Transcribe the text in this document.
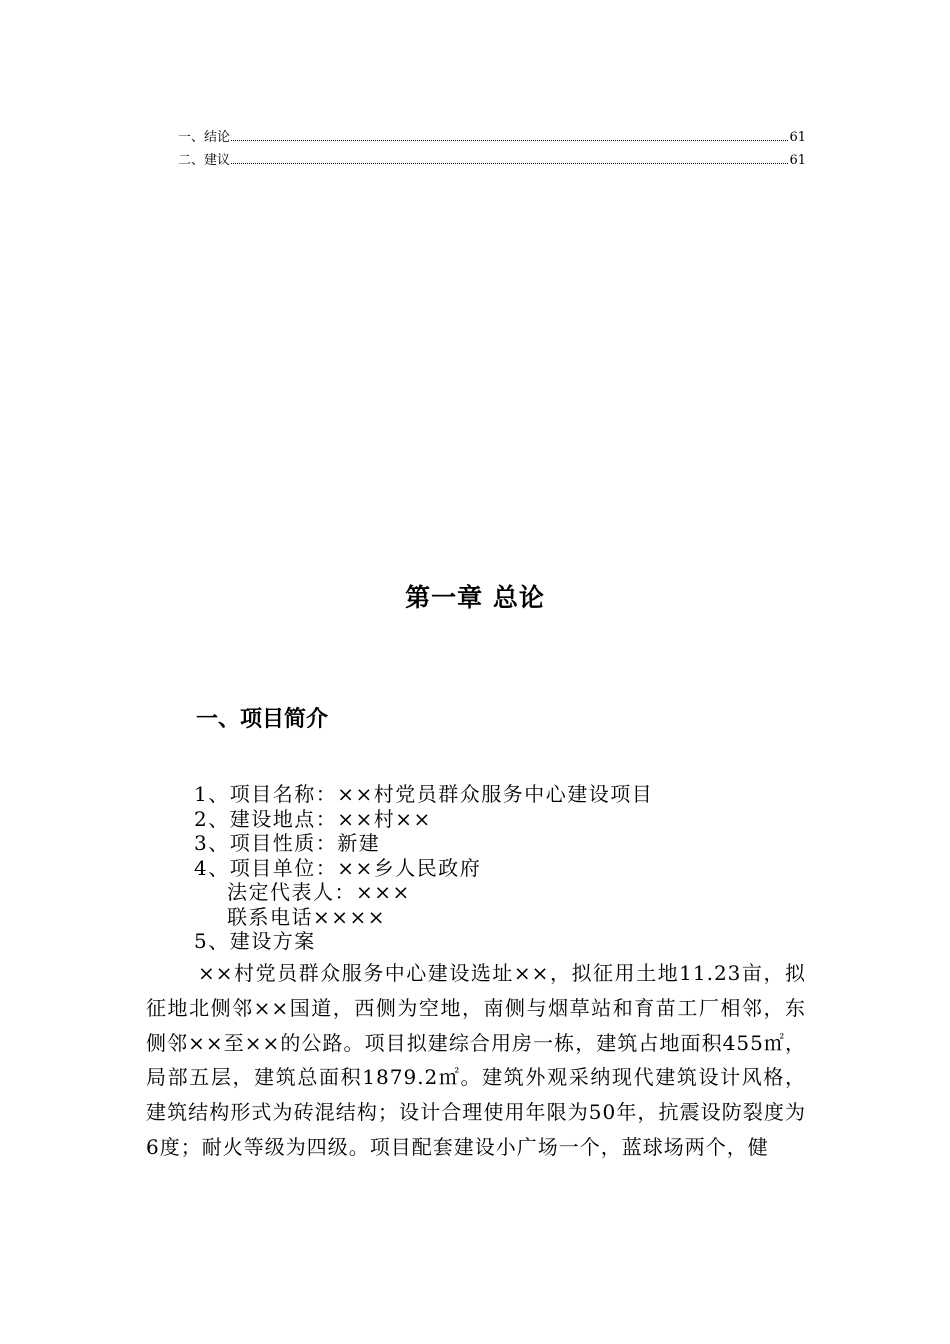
一、结论	61
二、建议	61
第一章 总论
一、项目简介
1、项目名称：××村党员群众服务中心建设项目
2、建设地点：××村××
3、项目性质：新建
4、项目单位：××乡人民政府
法定代表人：×××
联系电话××××
5、建设方案
××村党员群众服务中心建设选址××，拟征用土地11.23亩，拟征地北侧邻××国道，西侧为空地，南侧与烟草站和育苗工厂相邻，东侧邻××至××的公路。项目拟建综合用房一栋，建筑占地面积455㎡，局部五层，建筑总面积1879.2㎡。建筑外观采纳现代建筑设计风格，建筑结构形式为砖混结构；设计合理使用年限为50年，抗震设防裂度为6度；耐火等级为四级。项目配套建设小广场一个，蓝球场两个，健
